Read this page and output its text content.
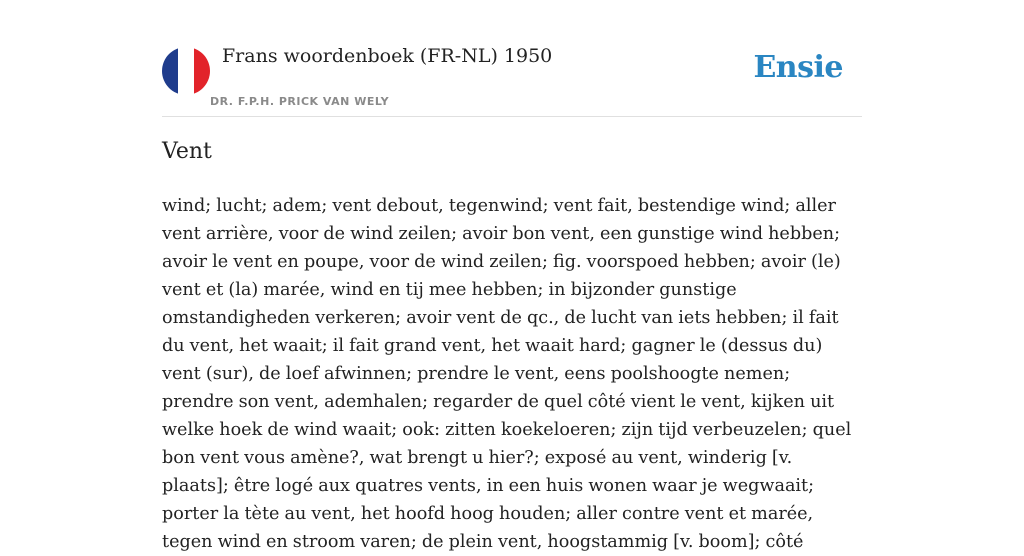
Frans woordenboek (FR-NL) 1950
DR. F.P.H. PRICK VAN WELY
Ensie
Vent

wind; lucht; adem; vent debout, tegenwind; vent fait, bestendige wind; aller vent arrière, voor de wind zeilen; avoir bon vent, een gunstige wind hebben; avoir le vent en poupe, voor de wind zeilen; fig. voorspoed hebben; avoir (le) vent et (la) marée, wind en tij mee hebben; in bijzonder gunstige omstandigheden verkeren; avoir vent de qc., de lucht van iets hebben; il fait du vent, het waait; il fait grand vent, het waait hard; gagner le (dessus du) vent (sur), de loef afwinnen; prendre le vent, eens poolshoogte nemen; prendre son vent, ademhalen; regarder de quel côté vient le vent, kijken uit welke hoek de wind waait; ook: zitten koekeloeren; zijn tijd verbeuzelen; quel bon vent vous amène?, wat brengt u hier?; exposé au vent, winderig [v. plaats]; être logé aux quatres vents, in een huis wonen waar je wegwaait; porter la tète au vent, het hoofd hoog houden; aller contre vent et marée, tegen wind en stroom varen; de plein vent, hoogstammig [v. boom]; côté
